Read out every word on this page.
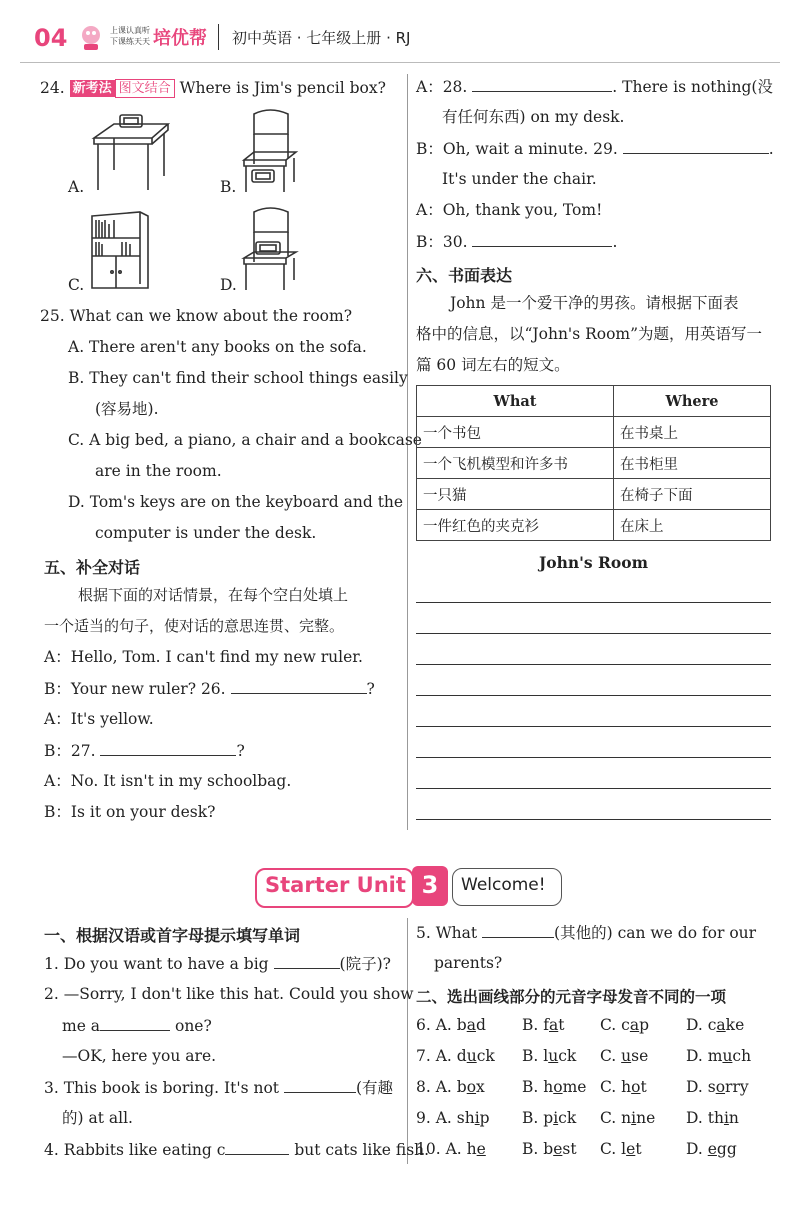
04	上课认真听
下课练天天 培优帮 初中英语 · 七年级上册 · RJ
24. 新考法 图文结合 Where is Jim's pencil box?
A.	B.
C.	D.
25. What can we know about the room?
A. There aren't any books on the sofa.
B. They can't find their school things easily
(容易地).
C. A big bed, a piano, a chair and a bookcase
are in the room.
D. Tom's keys are on the keyboard and the
computer is under the desk.
五、补全对话
根据下面的对话情景，在每个空白处填上
一个适当的句子，使对话的意思连贯、完整。
A：Hello, Tom. I can't find my new ruler.
B：Your new ruler? 26.	?
A：It's yellow.
B：27.	?
A：No. It isn't in my schoolbag.
B：Is it on your desk?
A：28.	. There is nothing(没
有任何东西) on my desk.
B：Oh, wait a minute. 29.	.
It's under the chair.
A：Oh, thank you, Tom!
B：30.	.
六、书面表达
John 是一个爱干净的男孩。请根据下面表
格中的信息，以“John's Room”为题，用英语写一
篇 60 词左右的短文。
What	Where
一个书包	在书桌上
一个飞机模型和许多书	在书柜里
一只猫	在椅子下面
一件红色的夹克衫	在床上
John's Room
Starter Unit 3	Welcome!
一、根据汉语或首字母提示填写单词
1. Do you want to have a big	(院子)?
2. —Sorry, I don't like this hat. Could you show
me a	one?
—OK, here you are.
3. This book is boring. It's not	(有趣
的) at all.
4. Rabbits like eating c	but cats like fish.
5. What	(其他的) can we do for our
parents?
二、选出画线部分的元音字母发音不同的一项
6. A. bad B. fat C. cap D. cake
7. A. duck B. luck C. use D. much
8. A. box B. home C. hot	D. sorry
9. A. ship B. pick C. nine D. thin
10. A. he B. best C. let	D. egg
